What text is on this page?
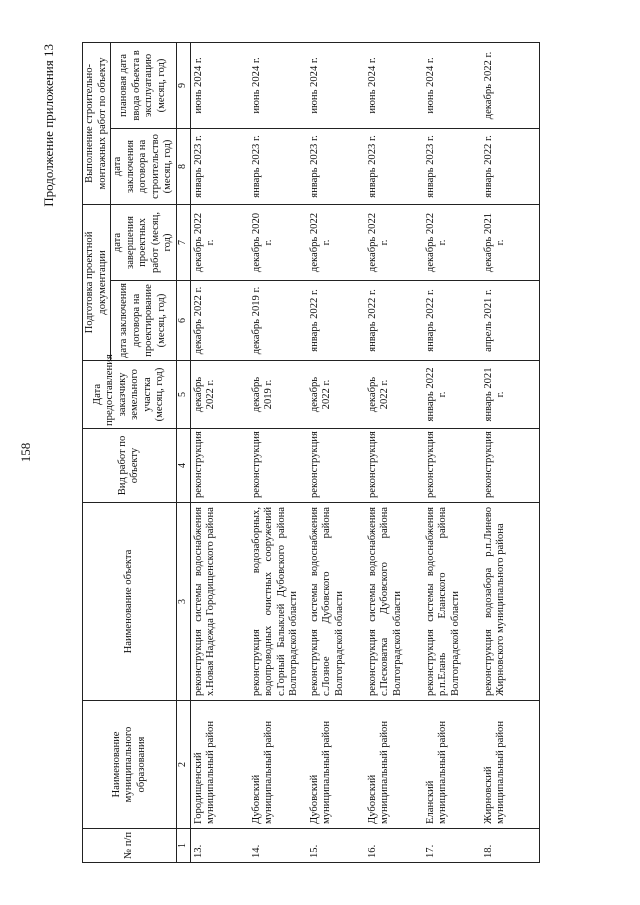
158
Продолжение приложения 13
№ п/п	Наименование муниципального образования	Наименование объекта	Вид работ по объекту	Дата предоставления заказчику земельного участка (месяц, год)	Подготовка проектной документации		Выполнение строительно-монтажных работ по объекту	
					дата заключения договора на проектирование (месяц, год)	дата завершения проектных работ (месяц, год)	дата заключения договора на строительство (месяц, год)	плановая дата ввода объекта в эксплуатацию (месяц, год)
1	2	3	4	5	6	7	8	9
13.	Городищенский муниципальный район	реконструкция системы водоснабжения х.Новая Надежда Городищенского района	реконструкция	декабрь 2022 г.	декабрь 2022 г.	декабрь 2022 г.	январь 2023 г.	июнь 2024 г.
14.	Дубовский муниципальный район	реконструкция водозаборных, водопроводных очистных сооружений с.Горный Балыклей Дубовского района Волгоградской области	реконструкция	декабрь 2019 г.	декабрь 2019 г.	декабрь 2020 г.	январь 2023 г.	июнь 2024 г.
15.	Дубовский муниципальный район	реконструкция системы водоснабжения с.Лозное Дубовского района Волгоградской области	реконструкция	декабрь 2022 г.	январь 2022 г.	декабрь 2022 г.	январь 2023 г.	июнь 2024 г.
16.	Дубовский муниципальный район	реконструкция системы водоснабжения с.Песковатка Дубовского района Волгоградской области	реконструкция	декабрь 2022 г.	январь 2022 г.	декабрь 2022 г.	январь 2023 г.	июнь 2024 г.
17.	Еланский муниципальный район	реконструкция системы водоснабжения р.п.Елань Еланского района Волгоградской области	реконструкция	январь 2022 г.	январь 2022 г.	декабрь 2022 г.	январь 2023 г.	июнь 2024 г.
18.	Жирновский муниципальный район	реконструкция водозабора р.п.Линево Жирновского муниципального района	реконструкция	январь 2021 г.	апрель 2021 г.	декабрь 2021 г.	январь 2022 г.	декабрь 2022 г.
